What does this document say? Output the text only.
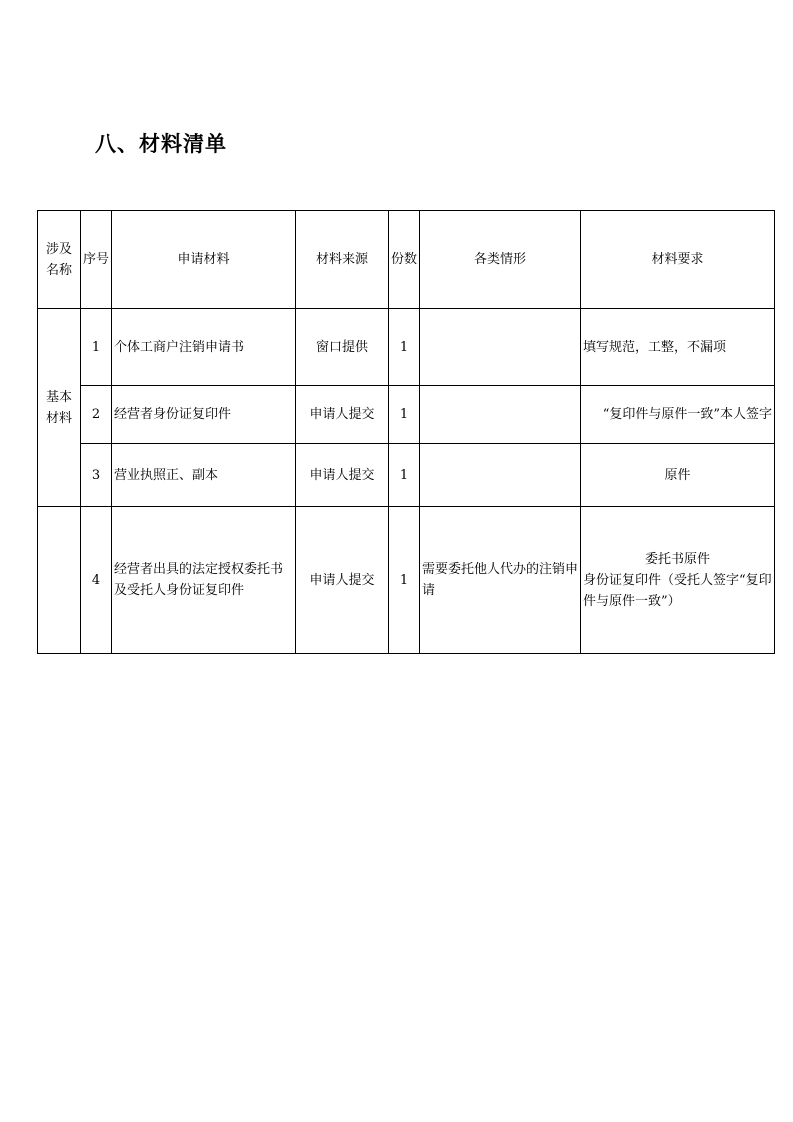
八、材料清单
涉及
名称	序号	申请材料	材料来源	份数	各类情形	材料要求

基本
材料	1	个体工商户注销申请书	窗口提供	1		填写规范，工整，不漏项
	2	经营者身份证复印件	申请人提交	1		“复印件与原件一致”本人签字
	3	营业执照正、副本	申请人提交	1		原件
	4	经营者出具的法定授权委托书及受托人身份证复印件	申请人提交	1	需要委托他人代办的注销申请	委托书原件
身份证复印件（受托人签字“复印件与原件一致”）
